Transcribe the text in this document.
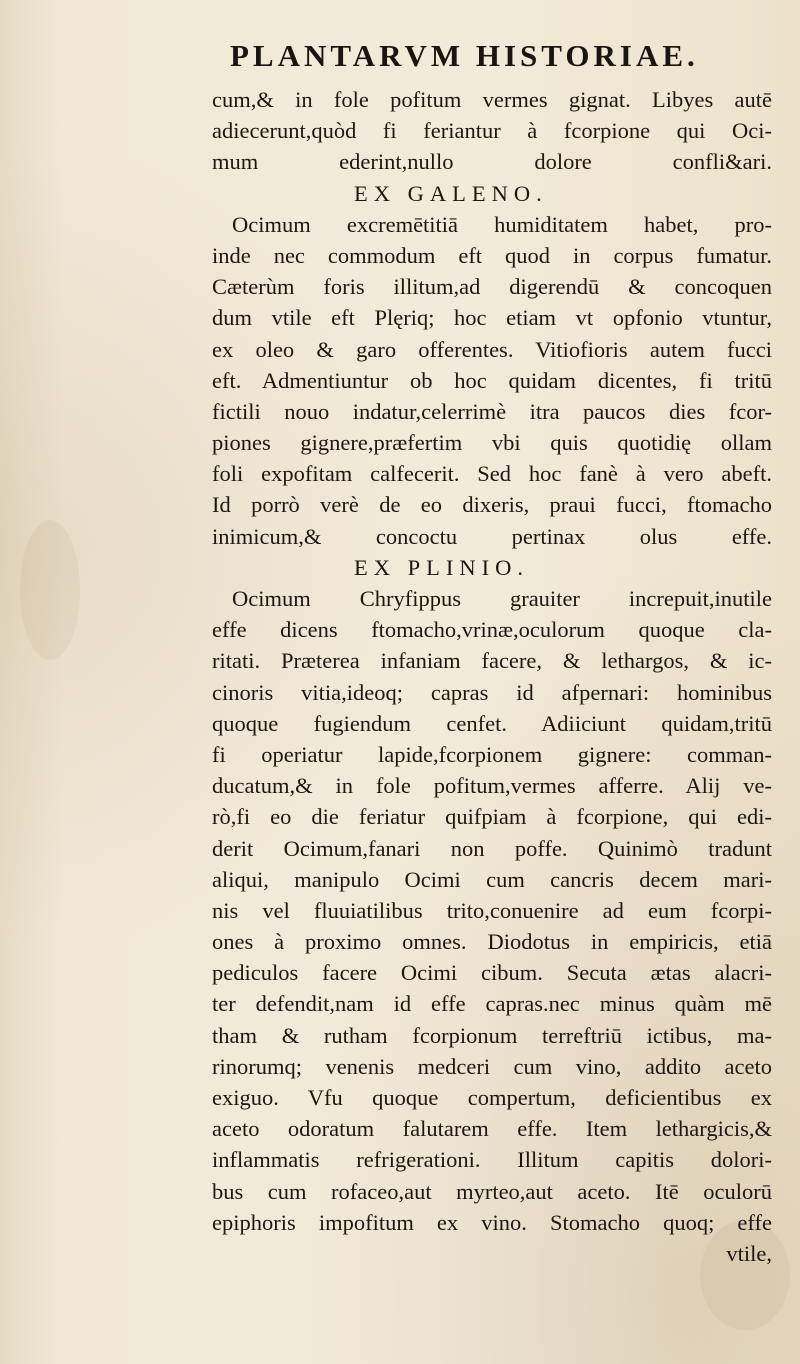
PLANTARVM HISTORIAE.
cum,& in fole pofitum vermes gignat. Libyes autē
adiecerunt,quòd fi feriantur à fcorpione qui Oci-
mum ederint,nullo dolore confli&ari.
EX GALENO.
Ocimum excremētitiā humiditatem habet, pro-
inde nec commodum eft quod in corpus fumatur.
Cæterùm foris illitum,ad digerendū & concoquen
dum vtile eft Plęriq; hoc etiam vt opfonio vtuntur,
ex oleo & garo offerentes. Vitiofioris autem fucci
eft. Admentiuntur ob hoc quidam dicentes, fi tritū
fictili nouo indatur,celerrimè itra paucos dies fcor-
piones gignere,præfertim vbi quis quotidię ollam
foli expofitam calfecerit. Sed hoc fanè à vero abeft.
Id porrò verè de eo dixeris, praui fucci, ftomacho
inimicum,& concoctu pertinax olus effe.
EX PLINIO.
Ocimum Chryfippus grauiter increpuit,inutile
effe dicens ftomacho,vrinæ,oculorum quoque cla-
ritati. Præterea infaniam facere, & lethargos, & ic-
cinoris vitia,ideoq; capras id afpernari: hominibus
quoque fugiendum cenfet. Adiiciunt quidam,tritū
fi operiatur lapide,fcorpionem gignere: comman-
ducatum,& in fole pofitum,vermes afferre. Alij ve-
rò,fi eo die feriatur quifpiam à fcorpione, qui edi-
derit Ocimum,fanari non poffe. Quinimò tradunt
aliqui, manipulo Ocimi cum cancris decem mari-
nis vel fluuiatilibus trito,conuenire ad eum fcorpi-
ones à proximo omnes. Diodotus in empiricis, etiā
pediculos facere Ocimi cibum. Secuta ætas alacri-
ter defendit,nam id effe capras.nec minus quàm mē
tham & rutham fcorpionum terreftriū ictibus, ma-
rinorumq; venenis medceri cum vino, addito aceto
exiguo. Vfu quoque compertum, deficientibus ex
aceto odoratum falutarem effe. Item lethargicis,&
inflammatis refrigerationi. Illitum capitis dolori-
bus cum rofaceo,aut myrteo,aut aceto. Itē oculorū
epiphoris impofitum ex vino. Stomacho quoq; effe
vtile,
